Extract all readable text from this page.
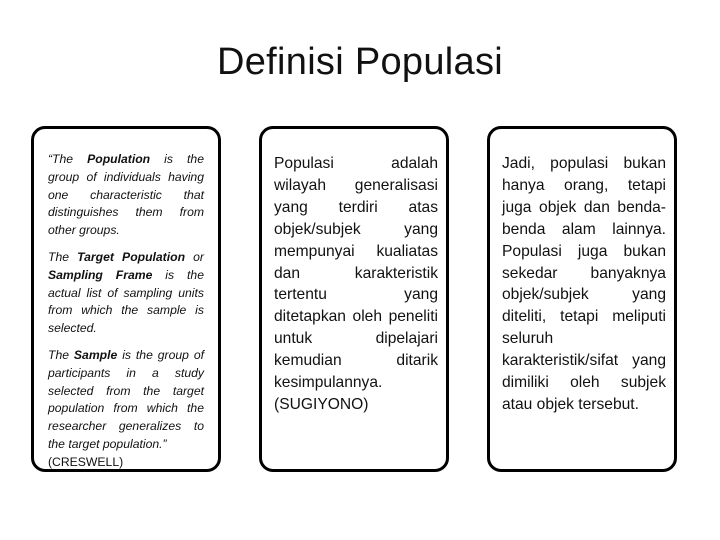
Definisi Populasi

“The Population is the group of individuals having one characteristic that distinguishes them from other groups.

The Target Population or Sampling Frame is the actual list of sampling units from which the sample is selected.

The Sample is the group of participants in a study selected from the target population from which the researcher generalizes to the target population.”
(CRESWELL)

Populasi adalah wilayah generalisasi yang terdiri atas objek/subjek yang mempunyai kualiatas dan karakteristik tertentu yang ditetapkan oleh peneliti untuk dipelajari kemudian ditarik kesimpulannya. (SUGIYONO)
Jadi, populasi bukan hanya orang, tetapi juga objek dan benda-benda alam lainnya. Populasi juga bukan sekedar banyaknya objek/subjek yang diteliti, tetapi meliputi seluruh karakteristik/sifat yang dimiliki oleh subjek atau objek tersebut.
